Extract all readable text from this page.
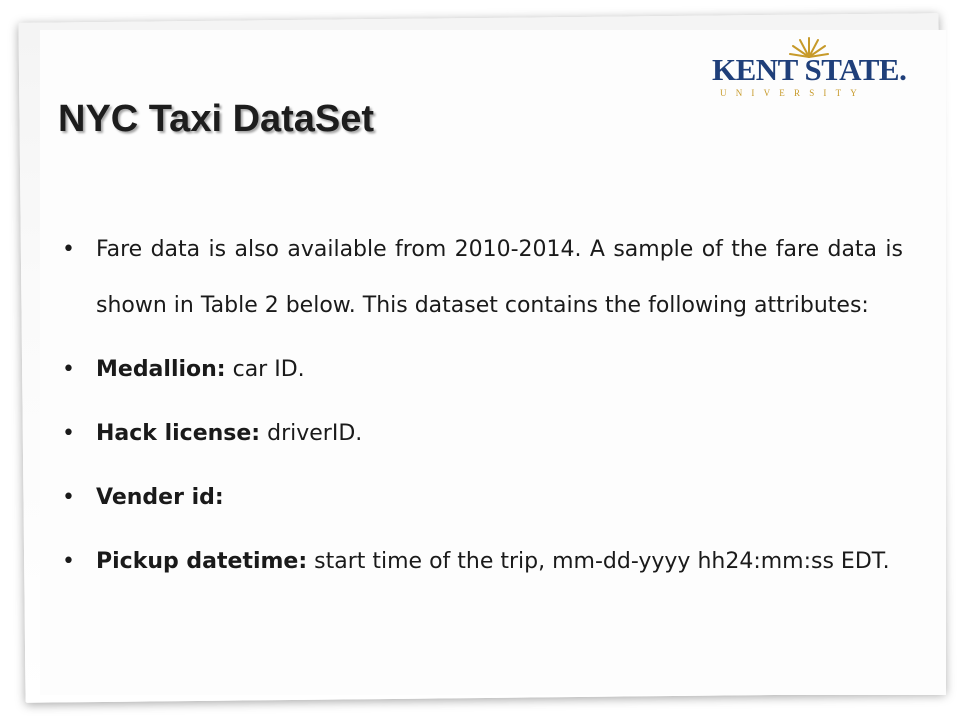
KENT STATE.
UNIVERSITY
NYC Taxi DataSet
• Fare data is also available from 2010-2014. A sample of the fare data is shown in Table 2 below. This dataset contains the following attributes:
• Medallion: car ID.
• Hack license: driverID.
• Vender id:
• Pickup datetime: start time of the trip, mm-dd-yyyy hh24:mm:ss EDT.
